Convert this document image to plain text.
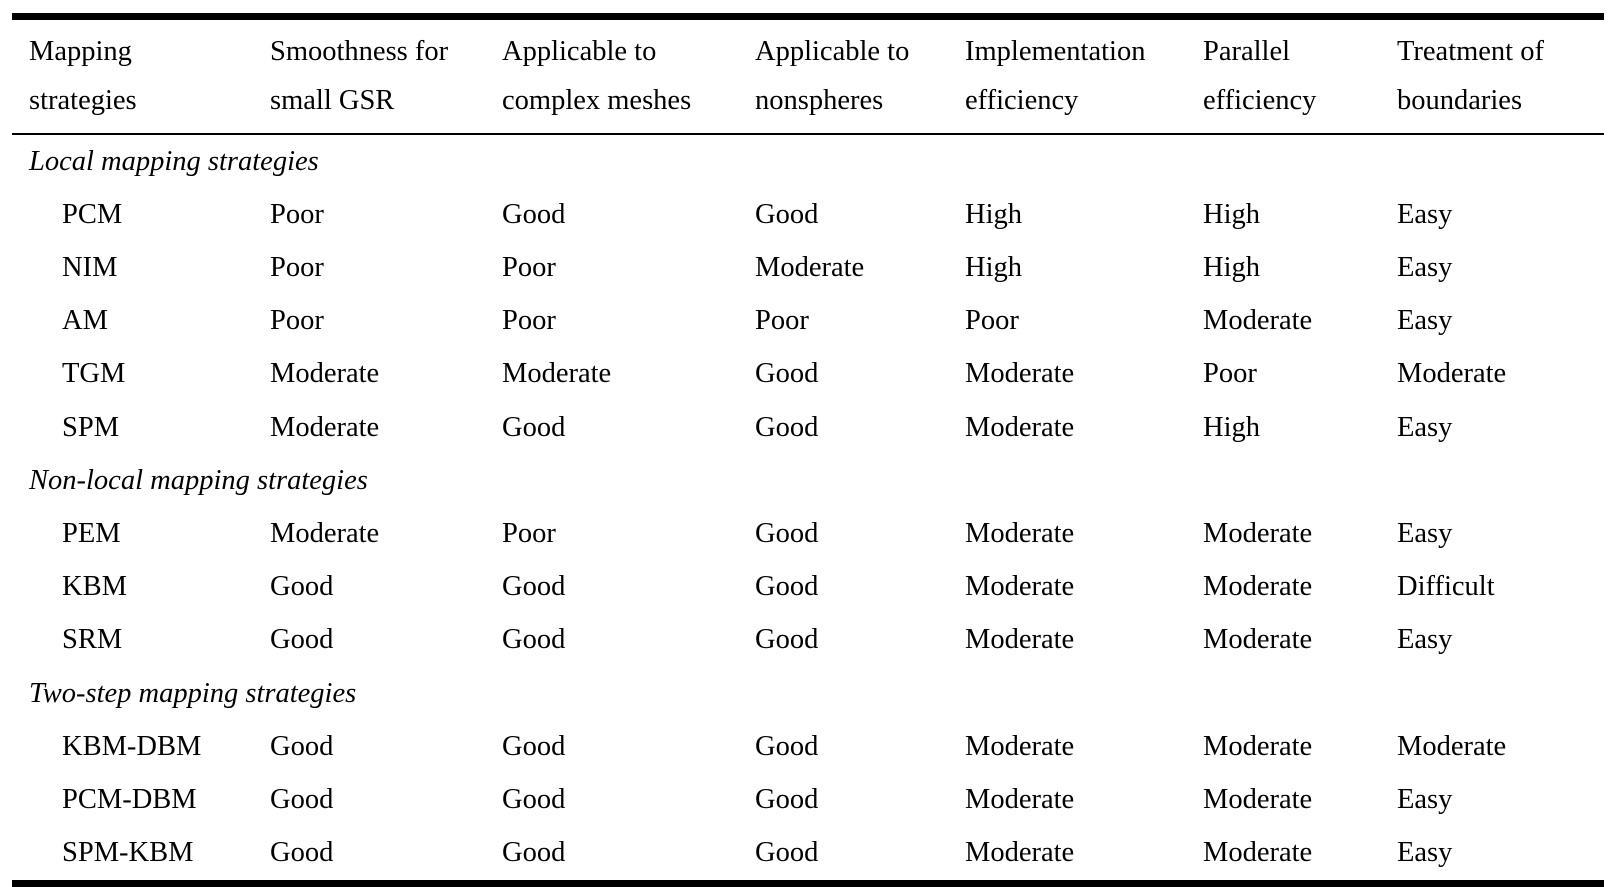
Mapping strategies	Smoothness for small GSR	Applicable to complex meshes	Applicable to nonspheres	Implementation efficiency	Parallel efficiency	Treatment of boundaries
Local mapping strategies						
PCM	Poor	Good	Good	High	High	Easy
NIM	Poor	Poor	Moderate	High	High	Easy
AM	Poor	Poor	Poor	Poor	Moderate	Easy
TGM	Moderate	Moderate	Good	Moderate	Poor	Moderate
SPM	Moderate	Good	Good	Moderate	High	Easy
Non-local mapping strategies						
PEM	Moderate	Poor	Good	Moderate	Moderate	Easy
KBM	Good	Good	Good	Moderate	Moderate	Difficult
SRM	Good	Good	Good	Moderate	Moderate	Easy
Two-step mapping strategies						
KBM-DBM	Good	Good	Good	Moderate	Moderate	Moderate
PCM-DBM	Good	Good	Good	Moderate	Moderate	Easy
SPM-KBM	Good	Good	Good	Moderate	Moderate	Easy
